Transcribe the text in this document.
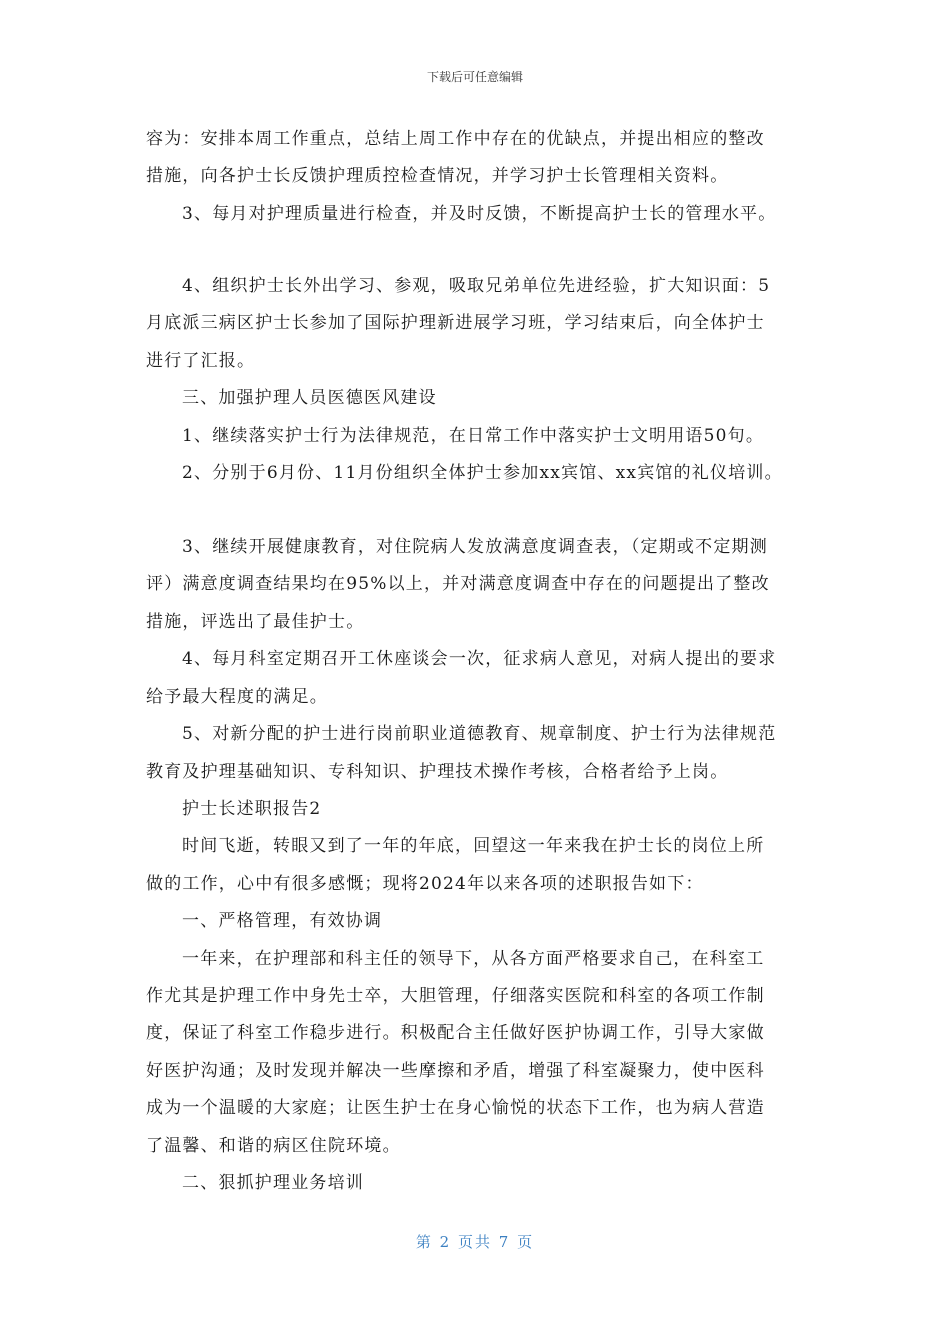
下载后可任意编辑
容为：安排本周工作重点，总结上周工作中存在的优缺点，并提出相应的整改
措施，向各护士长反馈护理质控检查情况，并学习护士长管理相关资料。
3、每月对护理质量进行检查，并及时反馈，不断提高护士长的管理水平。
4、组织护士长外出学习、参观，吸取兄弟单位先进经验，扩大知识面：5
月底派三病区护士长参加了国际护理新进展学习班，学习结束后，向全体护士
进行了汇报。
三、加强护理人员医德医风建设
1、继续落实护士行为法律规范，在日常工作中落实护士文明用语50句。
2、分别于6月份、11月份组织全体护士参加xx宾馆、xx宾馆的礼仪培训。
3、继续开展健康教育，对住院病人发放满意度调查表，（定期或不定期测
评）满意度调查结果均在95%以上，并对满意度调查中存在的问题提出了整改
措施，评选出了最佳护士。
4、每月科室定期召开工休座谈会一次，征求病人意见，对病人提出的要求
给予最大程度的满足。
5、对新分配的护士进行岗前职业道德教育、规章制度、护士行为法律规范
教育及护理基础知识、专科知识、护理技术操作考核，合格者给予上岗。
护士长述职报告2
时间飞逝，转眼又到了一年的年底，回望这一年来我在护士长的岗位上所
做的工作，心中有很多感慨；现将2024年以来各项的述职报告如下：
一、严格管理，有效协调
一年来，在护理部和科主任的领导下，从各方面严格要求自己，在科室工
作尤其是护理工作中身先士卒，大胆管理，仔细落实医院和科室的各项工作制
度，保证了科室工作稳步进行。积极配合主任做好医护协调工作，引导大家做
好医护沟通；及时发现并解决一些摩擦和矛盾，增强了科室凝聚力，使中医科
成为一个温暖的大家庭；让医生护士在身心愉悦的状态下工作，也为病人营造
了温馨、和谐的病区住院环境。
二、狠抓护理业务培训
第 2 页共 7 页
